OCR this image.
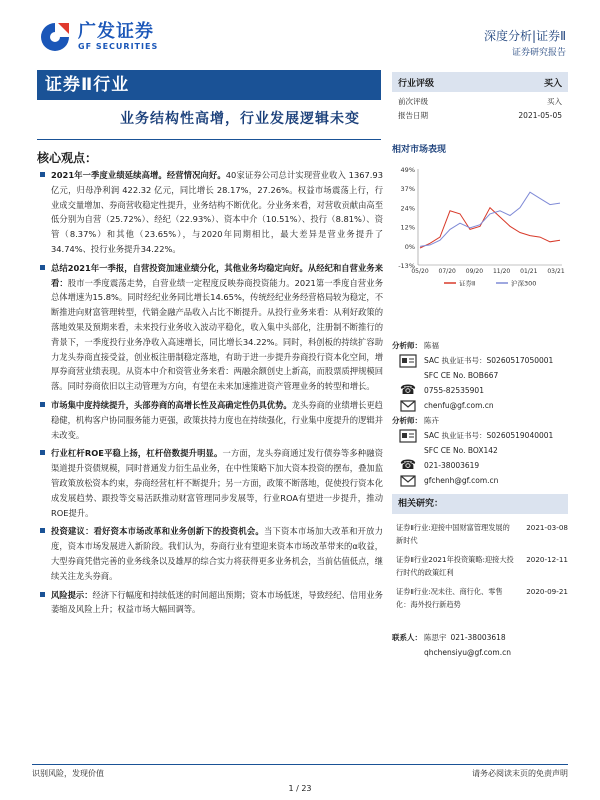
广发证券
GF SECURITIES
深度分析|证券Ⅱ
证券研究报告
证券Ⅱ行业
业务结构性高增，行业发展逻辑未变
核心观点：
2021年一季度业绩延续高增。经营情况向好。40家证券公司总计实现营业收入 1367.93 亿元，归母净利润 422.32 亿元，同比增长 28.17%，27.26%。权益市场震荡上行，行业成交量增加、券商营收稳定性提升，业务结构不断优化。分业务来看，对营收贡献由高至低分别为自营（25.72%）、经纪（22.93%）、资本中介（10.51%）、投行（8.81%）、资管（8.37%）和其他（23.65%），与2020年同期相比，最大差异是营业务提升了34.74%、投行业务提升34.22%。
总结2021年一季报，自营投资加速业绩分化，其他业务均稳定向好。从经纪和自营业务来看：股市一季度震荡走势，自营业绩一定程度反映券商投资能力。2021第一季度自营业务总体增速为15.8%。同时经纪业务同比增长14.65%，传统经纪业务经营格局较为稳定，不断推进向财富管理转型，代销金融产品收入占比不断提升。从投行业务来看：从利好政策的落地效果及预期来看，未来投行业务收入波动平稳化，收入集中头部化，注册制不断推行的背景下，一季度投行业务净收入高速增长，同比增长34.22%。同时，科创板的持续扩容助力龙头券商直接受益，创业板注册制稳定落地，有助于进一步提升券商投行资本化空间，增厚券商营业绩表现。从资本中介和资管业务来看：两融余额创史上新高，而股票质押规模回落。同时券商依旧以主动管理为方向，有望在未来加速推进资产管理业务的转型和增长。
市场集中度持续提升，头部券商的高增长性及高确定性仍具优势。龙头券商的业绩增长更趋稳健，机构客户协同服务能力更强，政策扶持力度也在持续强化，行业集中度提升的逻辑并未改变。
行业杠杆ROE平稳上扬，杠杆倍数提升明显。一方面，龙头券商通过发行债券等多种融资渠道提升资债规模，同时普通发力衍生品业务，在中性策略下加大资本投资的摆布，叠加监管政策放松资本约束，券商经营杠杆不断提升；另一方面，政策不断落地，促使投行资本化成发展趋势、跟投等交易活跃推动财富管理同步发展等，行业ROA有望进一步提升，推动ROE提升。
投资建议：看好资本市场改革和业务创新下的投资机会。当下资本市场加大改革和开放力度，资本市场发展进入新阶段。我们认为，券商行业有望迎来资本市场改革带来的α收益，大型券商凭借完善的业务线条以及雄厚的综合实力将获得更多业务机会，当前估值低点，继续关注龙头券商。
风险提示：经济下行幅度和持续低迷的时间超出预期；资本市场低迷，导致经纪、信用业务萎缩及风险上升；权益市场大幅回调等。
行业评级	买入
前次评级	买入
报告日期	2021-05-05
相对市场表现
49%
37%
24%
12%
0%
-13%
05/20 07/20 09/20 11/20 01/21 03/21
证券Ⅱ	沪深300
分析师： 陈福
SAC 执业证书号：S0260517050001
SFC CE No. BOB667
☎	0755-82535901
chenfu@gf.com.cn
分析师： 陈卉
SAC 执业证书号：S0260519040001
SFC CE No. BOX142
☎	021-38003619
gfchenh@gf.com.cn
相关研究：
证券Ⅱ行业:迎接中国财富管理发展的新时代
2021-03-08
证券Ⅱ行业2021年投资策略:迎接大投行时代的政策红利
2020-12-11
证券Ⅱ行业:况未往、商行化、零售化：海外投行新趋势
2020-09-21
联系人： 陈思宇 021-38003618
qhchensiyu@gf.com.cn
识别风险，发现价值	请务必阅读末页的免责声明
1 / 23
